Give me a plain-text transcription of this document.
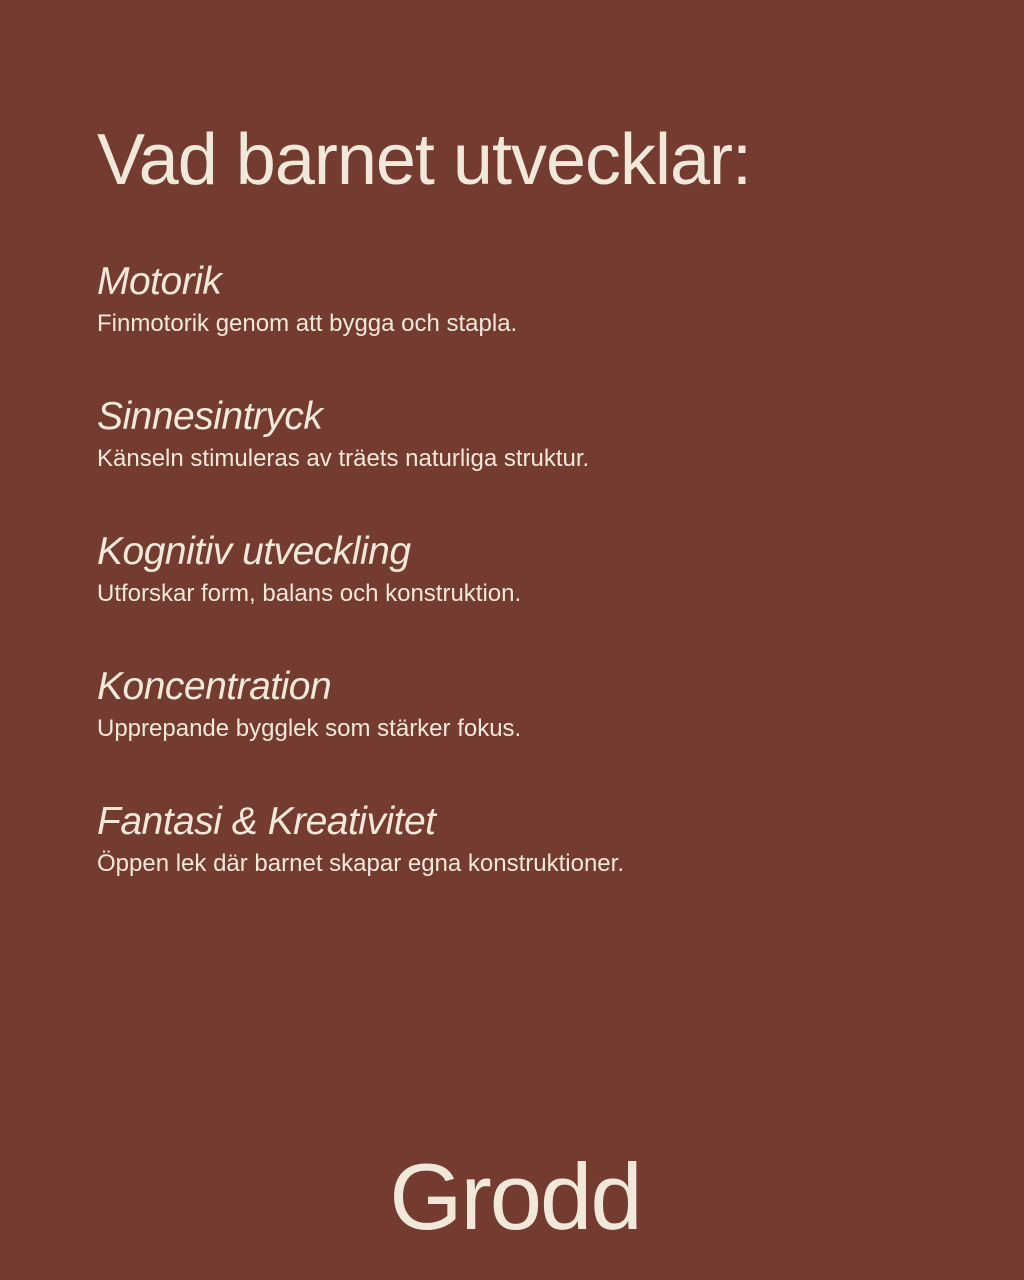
Vad barnet utvecklar:
Motorik
Finmotorik genom att bygga och stapla.
Sinnesintryck
Känseln stimuleras av träets naturliga struktur.
Kognitiv utveckling
Utforskar form, balans och konstruktion.
Koncentration
Upprepande bygglek som stärker fokus.
Fantasi & Kreativitet
Öppen lek där barnet skapar egna konstruktioner.
Grodd
